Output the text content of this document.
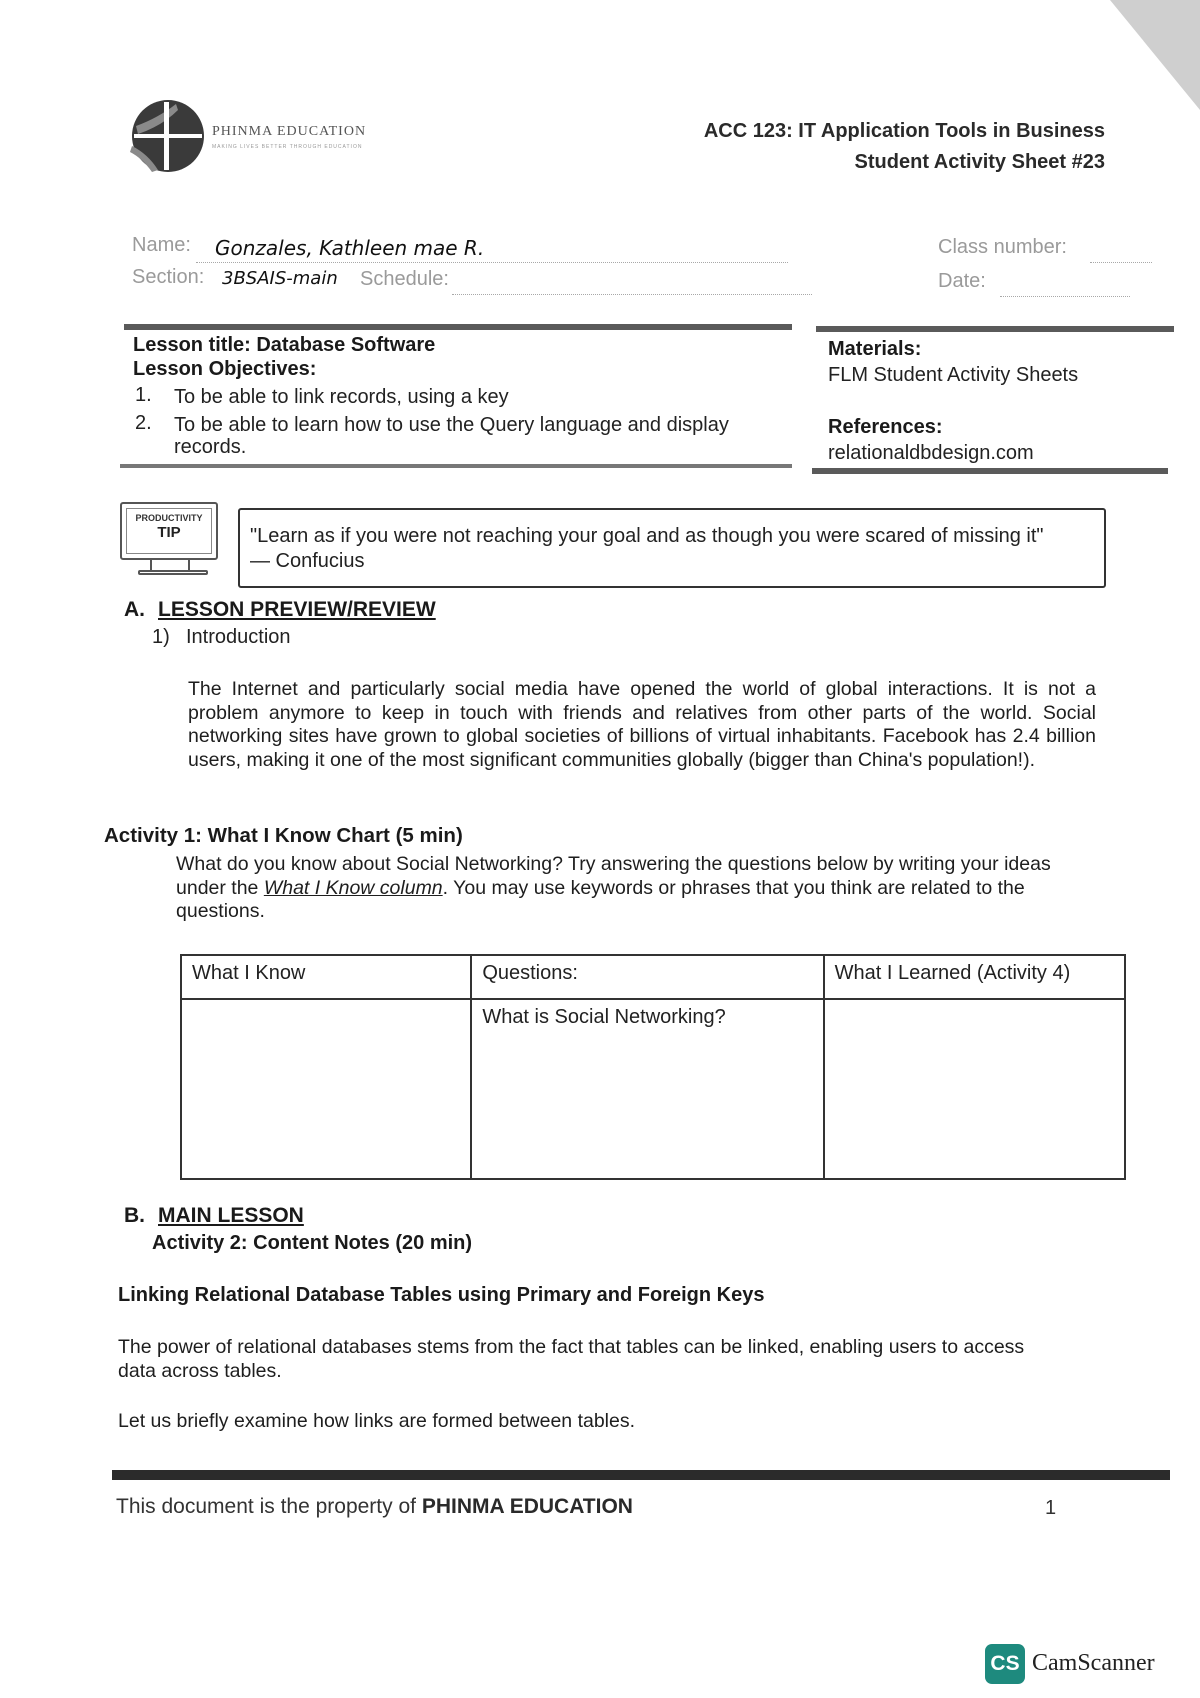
PHINMA EDUCATION
MAKING LIVES BETTER THROUGH EDUCATION
ACC 123: IT Application Tools in Business
Student Activity Sheet #23
Name: Gonzales, Kathleen mae R.
Section: 3BSAIS-main Schedule:
Class number:
Date:
Lesson title: Database Software
Lesson Objectives:
1. To be able to link records, using a key
2. To be able to learn how to use the Query language and display
records.
Materials:
FLM Student Activity Sheets
References:
relationaldbdesign.com
PRODUCTIVITY
TIP	"Learn as if you were not reaching your goal and as though you were scared of missing it"
— Confucius
A. LESSON PREVIEW/REVIEW
1) Introduction
The Internet and particularly social media have opened the world of global interactions. It is not a problem anymore to keep in touch with friends and relatives from other parts of the world. Social networking sites have grown to global societies of billions of virtual inhabitants. Facebook has 2.4 billion users, making it one of the most significant communities globally (bigger than China's population!).
Activity 1: What I Know Chart (5 min)
What do you know about Social Networking? Try answering the questions below by writing your ideas under the What I Know column. You may use keywords or phrases that you think are related to the questions.
What I Know	Questions:	What I Learned (Activity 4)
	What is Social Networking?	
B. MAIN LESSON
Activity 2: Content Notes (20 min)
Linking Relational Database Tables using Primary and Foreign Keys
The power of relational databases stems from the fact that tables can be linked, enabling users to access data across tables.
Let us briefly examine how links are formed between tables.
This document is the property of PHINMA EDUCATION	1
CS CamScanner
